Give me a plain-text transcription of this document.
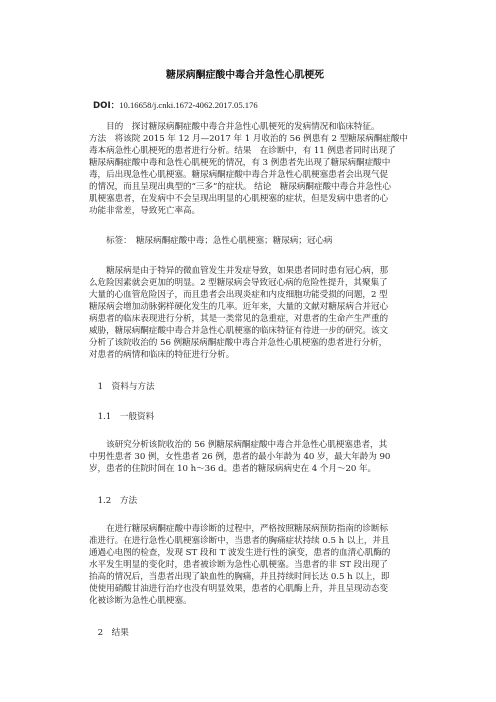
糖尿病酮症酸中毒合并急性心肌梗死
DOI：10.16658/j.cnki.1672-4062.2017.05.176
　　目的　探讨糖尿病酮症酸中毒合并急性心肌梗死的发病情况和临床特征。
方法　将该院 2015 年 12 月—2017 年 1 月收治的 56 例患有 2 型糖尿病酮症酸中
毒本病急性心肌梗死的患者进行分析。结果　在诊断中，有 11 例患者同时出现了
糖尿病酮症酸中毒和急性心肌梗死的情况，有 3 例患者先出现了糖尿病酮症酸中
毒，后出现急性心肌梗塞。糖尿病酮症酸中毒合并急性心肌梗塞患者会出现气促
的情况，而且呈现出典型的“三多”的症状。 结论　糖尿病酮症酸中毒合并急性心
肌梗塞患者，在发病中不会呈现出明显的心肌梗塞的症状，但是发病中患者的心
功能非常差，导致死亡率高。
　　标签：　糖尿病酮症酸中毒；急性心肌梗塞；糖尿病；冠心病
　　糖尿病是由于特异的微血管发生并发症导致，如果患者同时患有冠心病，那
么危险因素就会更加的明显。2 型糖尿病会导致冠心病的危险性提升，其聚集了
大量的心血管危险因子，而且患者会出现炎症和内皮细胞功能受损的问题，2 型
糖尿病会增加动脉粥样硬化发生的几率。近年来，大量的文献对糖尿病合并冠心
病患者的临床表现进行分析，其是一类常见的急重症，对患者的生命产生严重的
威胁，糖尿病酮症酸中毒合并急性心肌梗塞的临床特征有待进一步的研究。该文
分析了该院收治的 56 例糖尿病酮症酸中毒合并急性心肌梗塞的患者进行分析，
对患者的病情和临床的特征进行分析。
　1　资料与方法
　1.1　一般资料
　　该研究分析该院收治的 56 例糖尿病酮症酸中毒合并急性心肌梗塞患者，其
中男性患者 30 例，女性患者 26 例，患者的最小年龄为 40 岁，最大年龄为 90
岁，患者的住院时间在 10 h～36 d。患者的糖尿病病史在 4 个月～20 年。
　1.2　方法
　　在进行糖尿病酮症酸中毒诊断的过程中，严格按照糖尿病预防指南的诊断标
准进行。在进行急性心肌梗塞诊断中，当患者的胸痛症状持续 0.5 h 以上，并且
通過心电图的检查，发现 ST 段和 T 波发生进行性的演变，患者的血清心肌酶的
水平发生明显的变化时，患者被诊断为急性心肌梗塞。当患者的非 ST 段出现了
抬高的情况后，当患者出现了缺血性的胸痛，并且持续时间长达 0.5 h 以上，即
使使用硝酸甘油进行治疗也没有明显效果，患者的心肌酶上升，并且呈现动态变
化被诊断为急性心肌梗塞。
　2　结果
